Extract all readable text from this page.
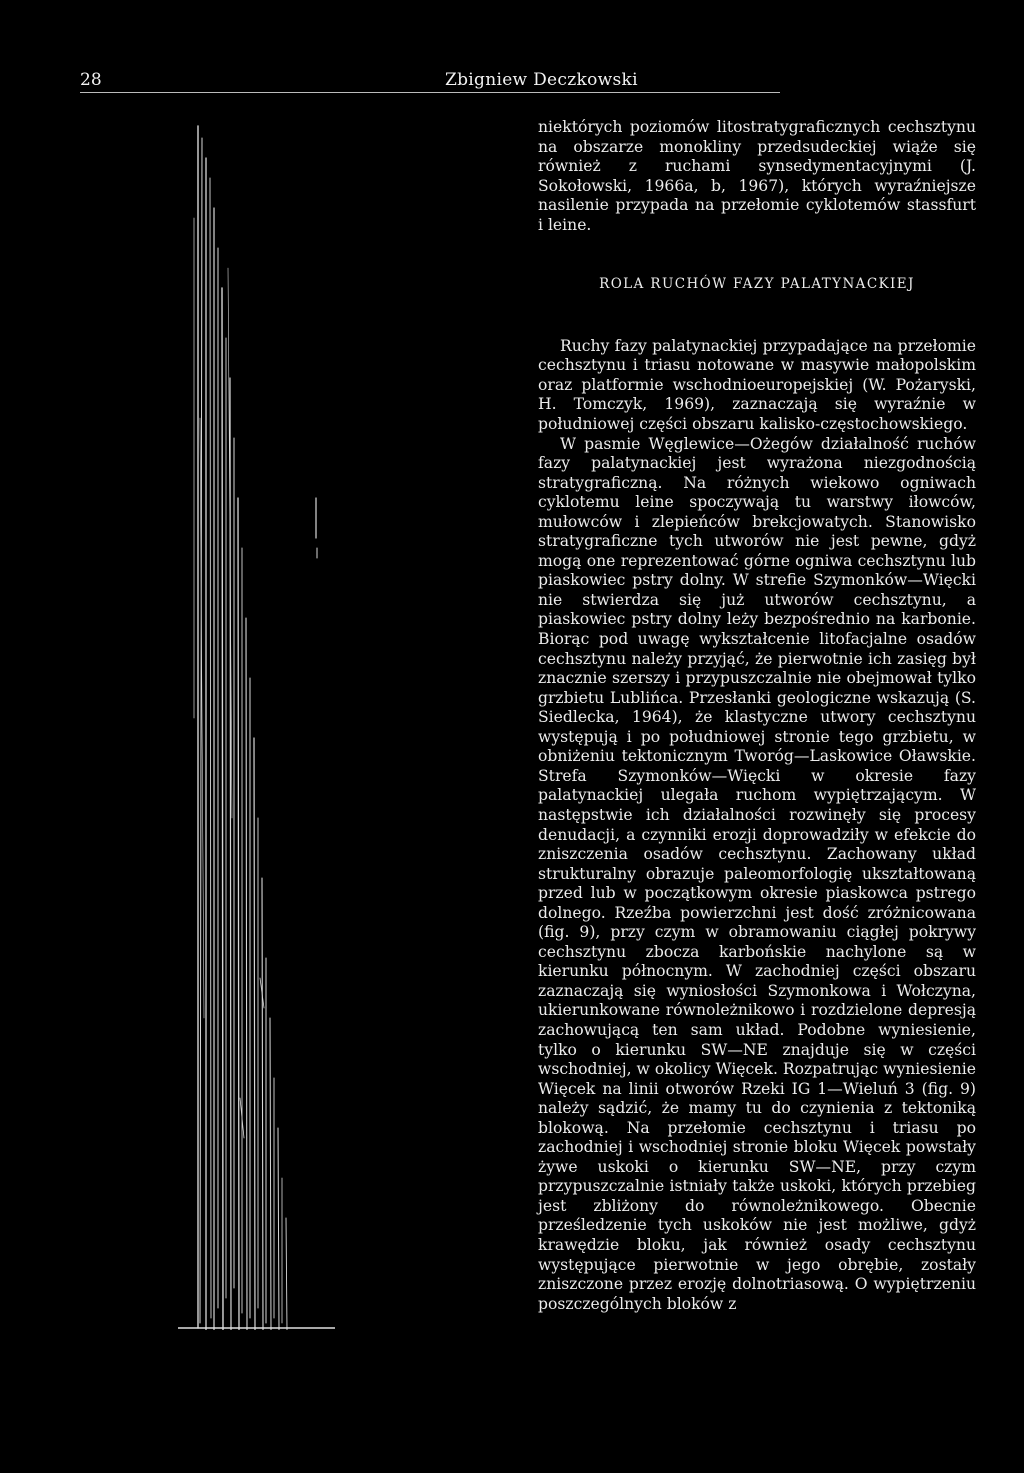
28	Zbigniew Deczkowski

niektórych poziomów litostratygraficznych cechsztynu na obszarze monokliny przedsudeckiej wiąże się również z ruchami synsedymentacyjnymi (J. Sokołowski, 1966a, b, 1967), których wyraźniejsze nasilenie przypada na przełomie cyklotemów stassfurt i leine.

ROLA RUCHÓW FAZY PALATYNACKIEJ

Ruchy fazy palatynackiej przypadające na przełomie cechsztynu i triasu notowane w masywie małopolskim oraz platformie wschodnioeuropejskiej (W. Pożaryski, H. Tomczyk, 1969), zaznaczają się wyraźnie w południowej części obszaru kalisko-częstochowskiego.

W pasmie Węglewice—Ożegów działalność ruchów fazy palatynackiej jest wyrażona niezgodnością stratygraficzną. Na różnych wiekowo ogniwach cyklotemu leine spoczywają tu warstwy iłowców, mułowców i zlepieńców brekcjowatych. Stanowisko stratygraficzne tych utworów nie jest pewne, gdyż mogą one reprezentować górne ogniwa cechsztynu lub piaskowiec pstry dolny. W strefie Szymonków—Więcki nie stwierdza się już utworów cechsztynu, a piaskowiec pstry dolny leży bezpośrednio na karbonie. Biorąc pod uwagę wykształcenie litofacjalne osadów cechsztynu należy przyjąć, że pierwotnie ich zasięg był znacznie szerszy i przypuszczalnie nie obejmował tylko grzbietu Lublińca. Przesłanki geologiczne wskazują (S. Siedlecka, 1964), że klastyczne utwory cechsztynu występują i po południowej stronie tego grzbietu, w obniżeniu tektonicznym Tworóg—Laskowice Oławskie. Strefa Szymonków—Więcki w okresie fazy palatynackiej ulegała ruchom wypiętrzającym. W następstwie ich działalności rozwinęły się procesy denudacji, a czynniki erozji doprowadziły w efekcie do zniszczenia osadów cechsztynu. Zachowany układ strukturalny obrazuje paleomorfologię ukształtowaną przed lub w początkowym okresie piaskowca pstrego dolnego. Rzeźba powierzchni jest dość zróżnicowana (fig. 9), przy czym w obramowaniu ciągłej pokrywy cechsztynu zbocza karbońskie nachylone są w kierunku północnym. W zachodniej części obszaru zaznaczają się wyniosłości Szymonkowa i Wołczyna, ukierunkowane równoleżnikowo i rozdzielone depresją zachowującą ten sam układ. Podobne wyniesienie, tylko o kierunku SW—NE znajduje się w części wschodniej, w okolicy Więcek. Rozpatrując wyniesienie Więcek na linii otworów Rzeki IG 1—Wieluń 3 (fig. 9) należy sądzić, że mamy tu do czynienia z tektoniką blokową. Na przełomie cechsztynu i triasu po zachodniej i wschodniej stronie bloku Więcek powstały żywe uskoki o kierunku SW—NE, przy czym przypuszczalnie istniały także uskoki, których przebieg jest zbliżony do równoleżnikowego. Obecnie prześledzenie tych uskoków nie jest możliwe, gdyż krawędzie bloku, jak również osady cechsztynu występujące pierwotnie w jego obrębie, zostały zniszczone przez erozję dolnotriasową. O wypiętrzeniu poszczególnych bloków z
